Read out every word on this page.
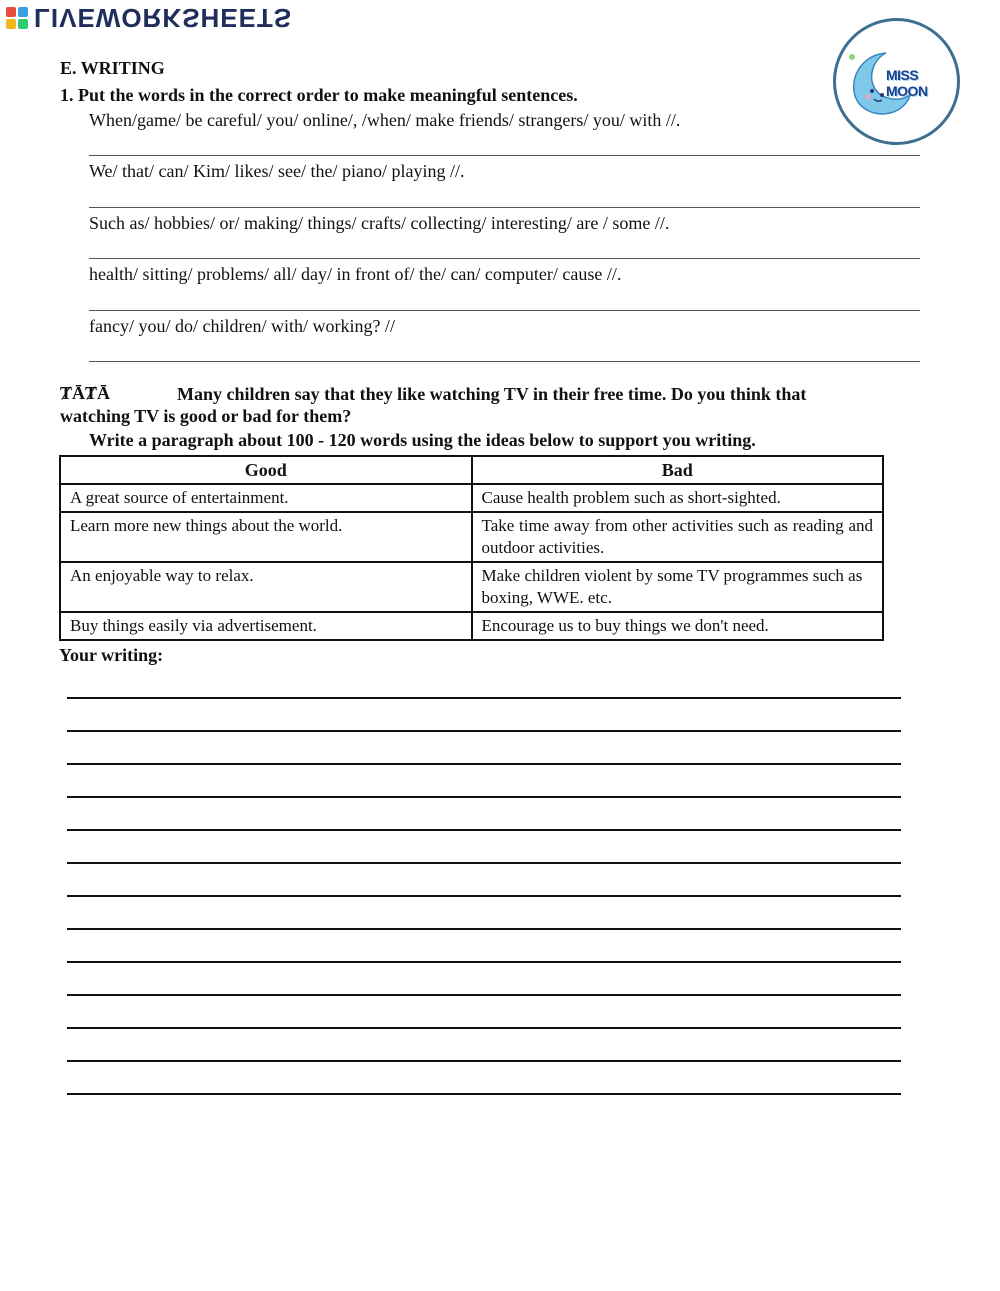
LIVEWORKSHEETS
MISS MOON
E. WRITING
1. Put the words in the correct order to make meaningful sentences.
When/game/ be careful/ you/ online/, /when/ make friends/ strangers/ you/ with //.
We/ that/ can/ Kim/ likes/ see/ the/ piano/ playing //.
Such as/ hobbies/ or/ making/ things/ crafts/ collecting/ interesting/ are / some //.
health/ sitting/ problems/ all/ day/ in front of/ the/ can/ computer/ cause //.
fancy/ you/ do/ children/ with/ working? //
ȾĀȾĀ	Many children say that they like watching TV in their free time. Do you think that watching TV is good or bad for them?
Write a paragraph about 100 - 120 words using the ideas below to support you writing.
Good	Bad
A great source of entertainment.	Cause health problem such as short-sighted.
Learn more new things about the world.	Take time away from other activities such as reading and outdoor activities.
An enjoyable way to relax.	Make children violent by some TV programmes such as boxing, WWE. etc.
Buy things easily via advertisement.	Encourage us to buy things we don't need.
Your writing:
